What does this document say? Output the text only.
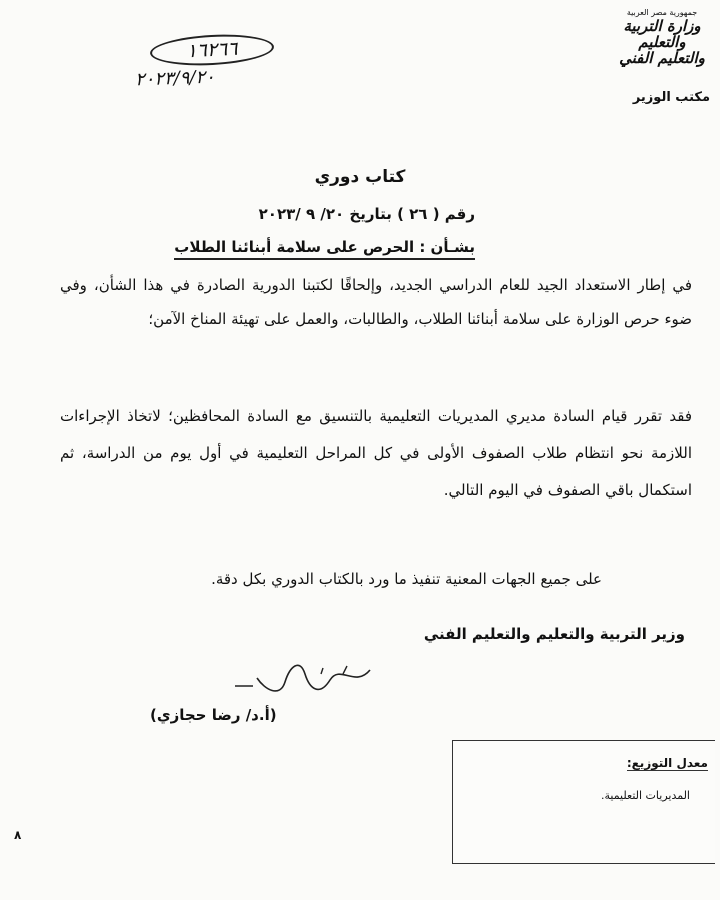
جمهورية مصر العربية
وزارة التربية والتعليم
والتعليم الفني
مكتب الوزير
١٦٢٦٦
٢٠٢٣/٩/٢٠
كتاب دوري
رقم ( ٢٦ ) بتاريخ ٢٠/ ٩ /٢٠٢٣
بشـأن : الحرص على سلامة أبنائنا الطلاب
في إطار الاستعداد الجيد للعام الدراسي الجديد، وإلحاقًا لكتبنا الدورية الصادرة في هذا الشأن، وفي ضوء حرص الوزارة على سلامة أبنائنا الطلاب، والطالبات، والعمل على تهيئة المناخ الآمن؛
فقد تقرر قيام السادة مديري المديريات التعليمية بالتنسيق مع السادة المحافظين؛ لاتخاذ الإجراءات اللازمة نحو انتظام طلاب الصفوف الأولى في كل المراحل التعليمية في أول يوم من الدراسة، ثم استكمال باقي الصفوف في اليوم التالي.
على جميع الجهات المعنية تنفيذ ما ورد بالكتاب الدوري بكل دقة.
وزير التربية والتعليم والتعليم الفني
(أ.د/ رضا حجازي)
معدل التوزيع:
المديريات التعليمية.
٨
